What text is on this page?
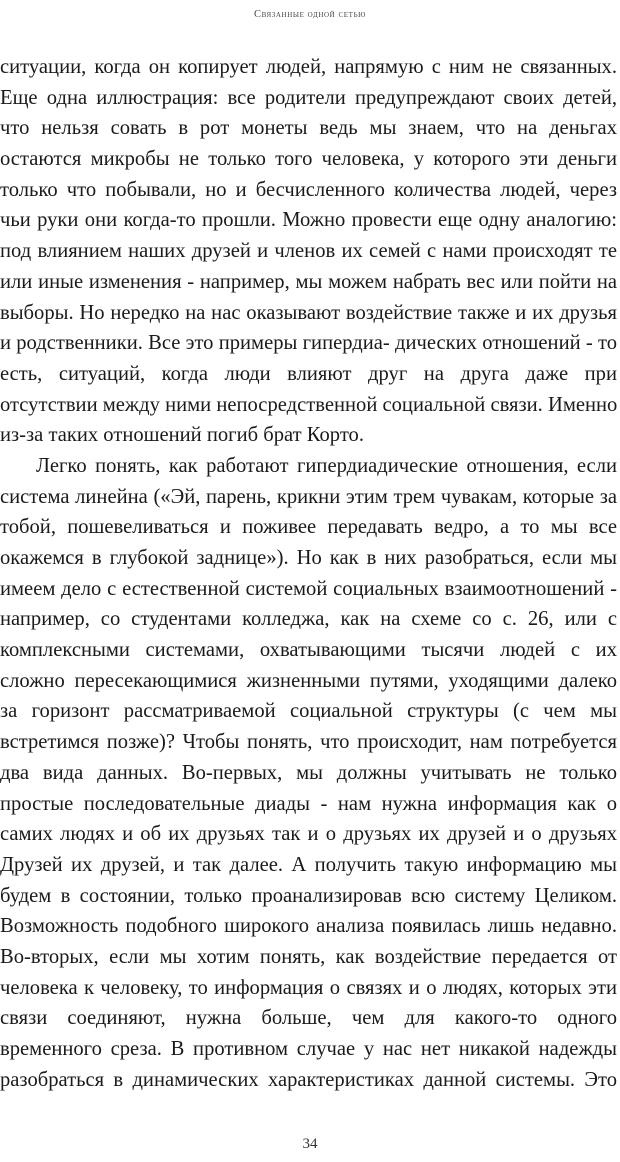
Связанные одной сетью
ситуации, когда он копирует людей, напрямую с ним не связанных.
Еще одна иллюстрация: все родители предупреждают своих детей,
что нельзя совать в рот монеты ведь мы знаем, что на деньгах
остаются микробы не только того человека, у которого эти деньги
только что побывали, но и бесчисленного количества людей, через
чьи руки они когда-то прошли. Можно провести еще одну аналогию:
под влиянием наших друзей и членов их семей с нами происходят те
или иные изменения - например, мы можем набрать вес или пойти на
выборы. Но нередко на нас оказывают воздействие также и их друзья
и родственники. Все это примеры гипердиа- дических отношений - то
есть, ситуаций, когда люди влияют друг на друга даже при
отсутствии между ними непосредственной социальной связи. Именно
из-за таких отношений погиб брат Корто.
Легко понять, как работают гипердиадические отношения, если
система линейна («Эй, парень, крикни этим трем чувакам, которые за
тобой, пошевеливаться и поживее передавать ведро, а то мы все
окажемся в глубокой заднице»). Но как в них разобраться, если мы
имеем дело с естественной системой социальных взаимоотношений -
например, со студентами колледжа, как на схеме со с. 26, или с
комплексными системами, охватывающими тысячи людей с их
сложно пересекающимися жизненными путями, уходящими далеко
за горизонт рассматриваемой социальной структуры (с чем мы
встретимся позже)? Чтобы понять, что происходит, нам потребуется
два вида данных. Во-первых, мы должны учитывать не только
простые последовательные диады - нам нужна информация как о
самих людях и об их друзьях так и о друзьях их друзей и о друзьях
Друзей их друзей, и так далее. А получить такую информацию мы
будем в состоянии, только проанализировав всю систему Целиком.
Возможность подобного широкого анализа появилась лишь недавно.
Во-вторых, если мы хотим понять, как воздействие передается от
человека к человеку, то информация о связях и о людях, которых эти
связи соединяют, нужна больше, чем для какого-то одного
временного среза. В противном случае у нас нет никакой надежды
разобраться в динамических характеристиках данной системы. Это
34
